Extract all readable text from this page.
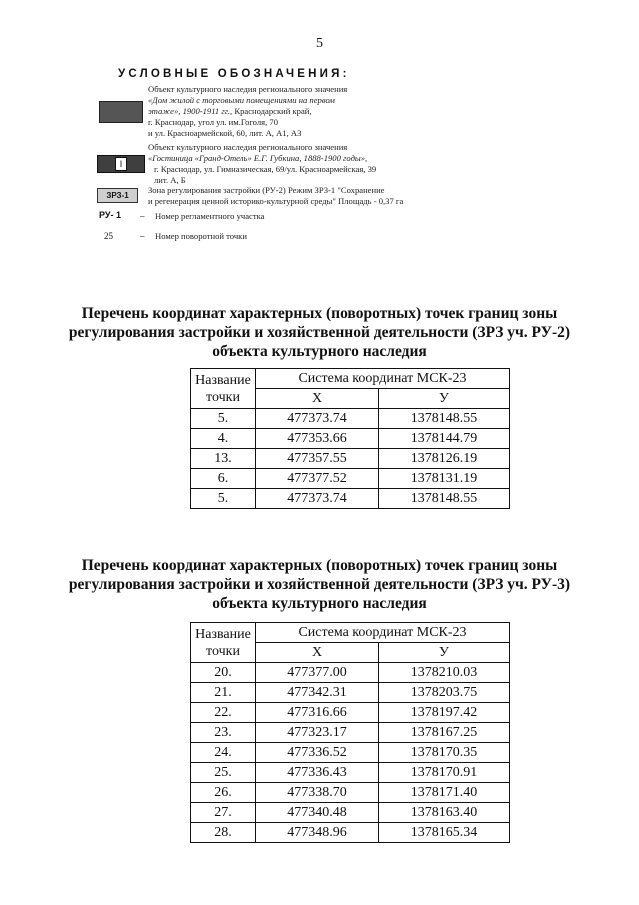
5
УСЛОВНЫЕ ОБОЗНАЧЕНИЯ:
Объект культурного наследия регионального значения
«Дом жилой с торговыми помещениями на первом
этаже», 1900-1911 гг., Краснодарский край,
г. Краснодар, угол ул. им.Гоголя, 70
и ул. Красноармейской, 60, лит. А, А1, А3
I
Объект культурного наследия регионального значения
«Гостиница «Гранд-Отель» Е.Г. Губкина, 1888-1900 годы»,
г. Краснодар, ул. Гимназическая, 69/ул. Красноармейская, 39
лит. А, Б
ЗРЗ-1
Зона регулирования застройки (РУ-2) Режим ЗРЗ-1 "Сохранение
и регенерация ценной историко-культурной среды" Площадь - 0,37 га
РУ- 1 – Номер регламентного участка
25	– Номер поворотной точки
Перечень координат характерных (поворотных) точек границ зоны
регулирования застройки и хозяйственной деятельности (ЗРЗ уч. РУ-2)
объекта культурного наследия
Название
точки	Система координат МСК-23	
	Х	У
5.	477373.74	1378148.55
4.	477353.66	1378144.79
13.	477357.55	1378126.19
6.	477377.52	1378131.19
5.	477373.74	1378148.55
Перечень координат характерных (поворотных) точек границ зоны
регулирования застройки и хозяйственной деятельности (ЗРЗ уч. РУ-3)
объекта культурного наследия
Название
точки	Система координат МСК-23	
	Х	У
20.	477377.00	1378210.03
21.	477342.31	1378203.75
22.	477316.66	1378197.42
23.	477323.17	1378167.25
24.	477336.52	1378170.35
25.	477336.43	1378170.91
26.	477338.70	1378171.40
27.	477340.48	1378163.40
28.	477348.96	1378165.34
